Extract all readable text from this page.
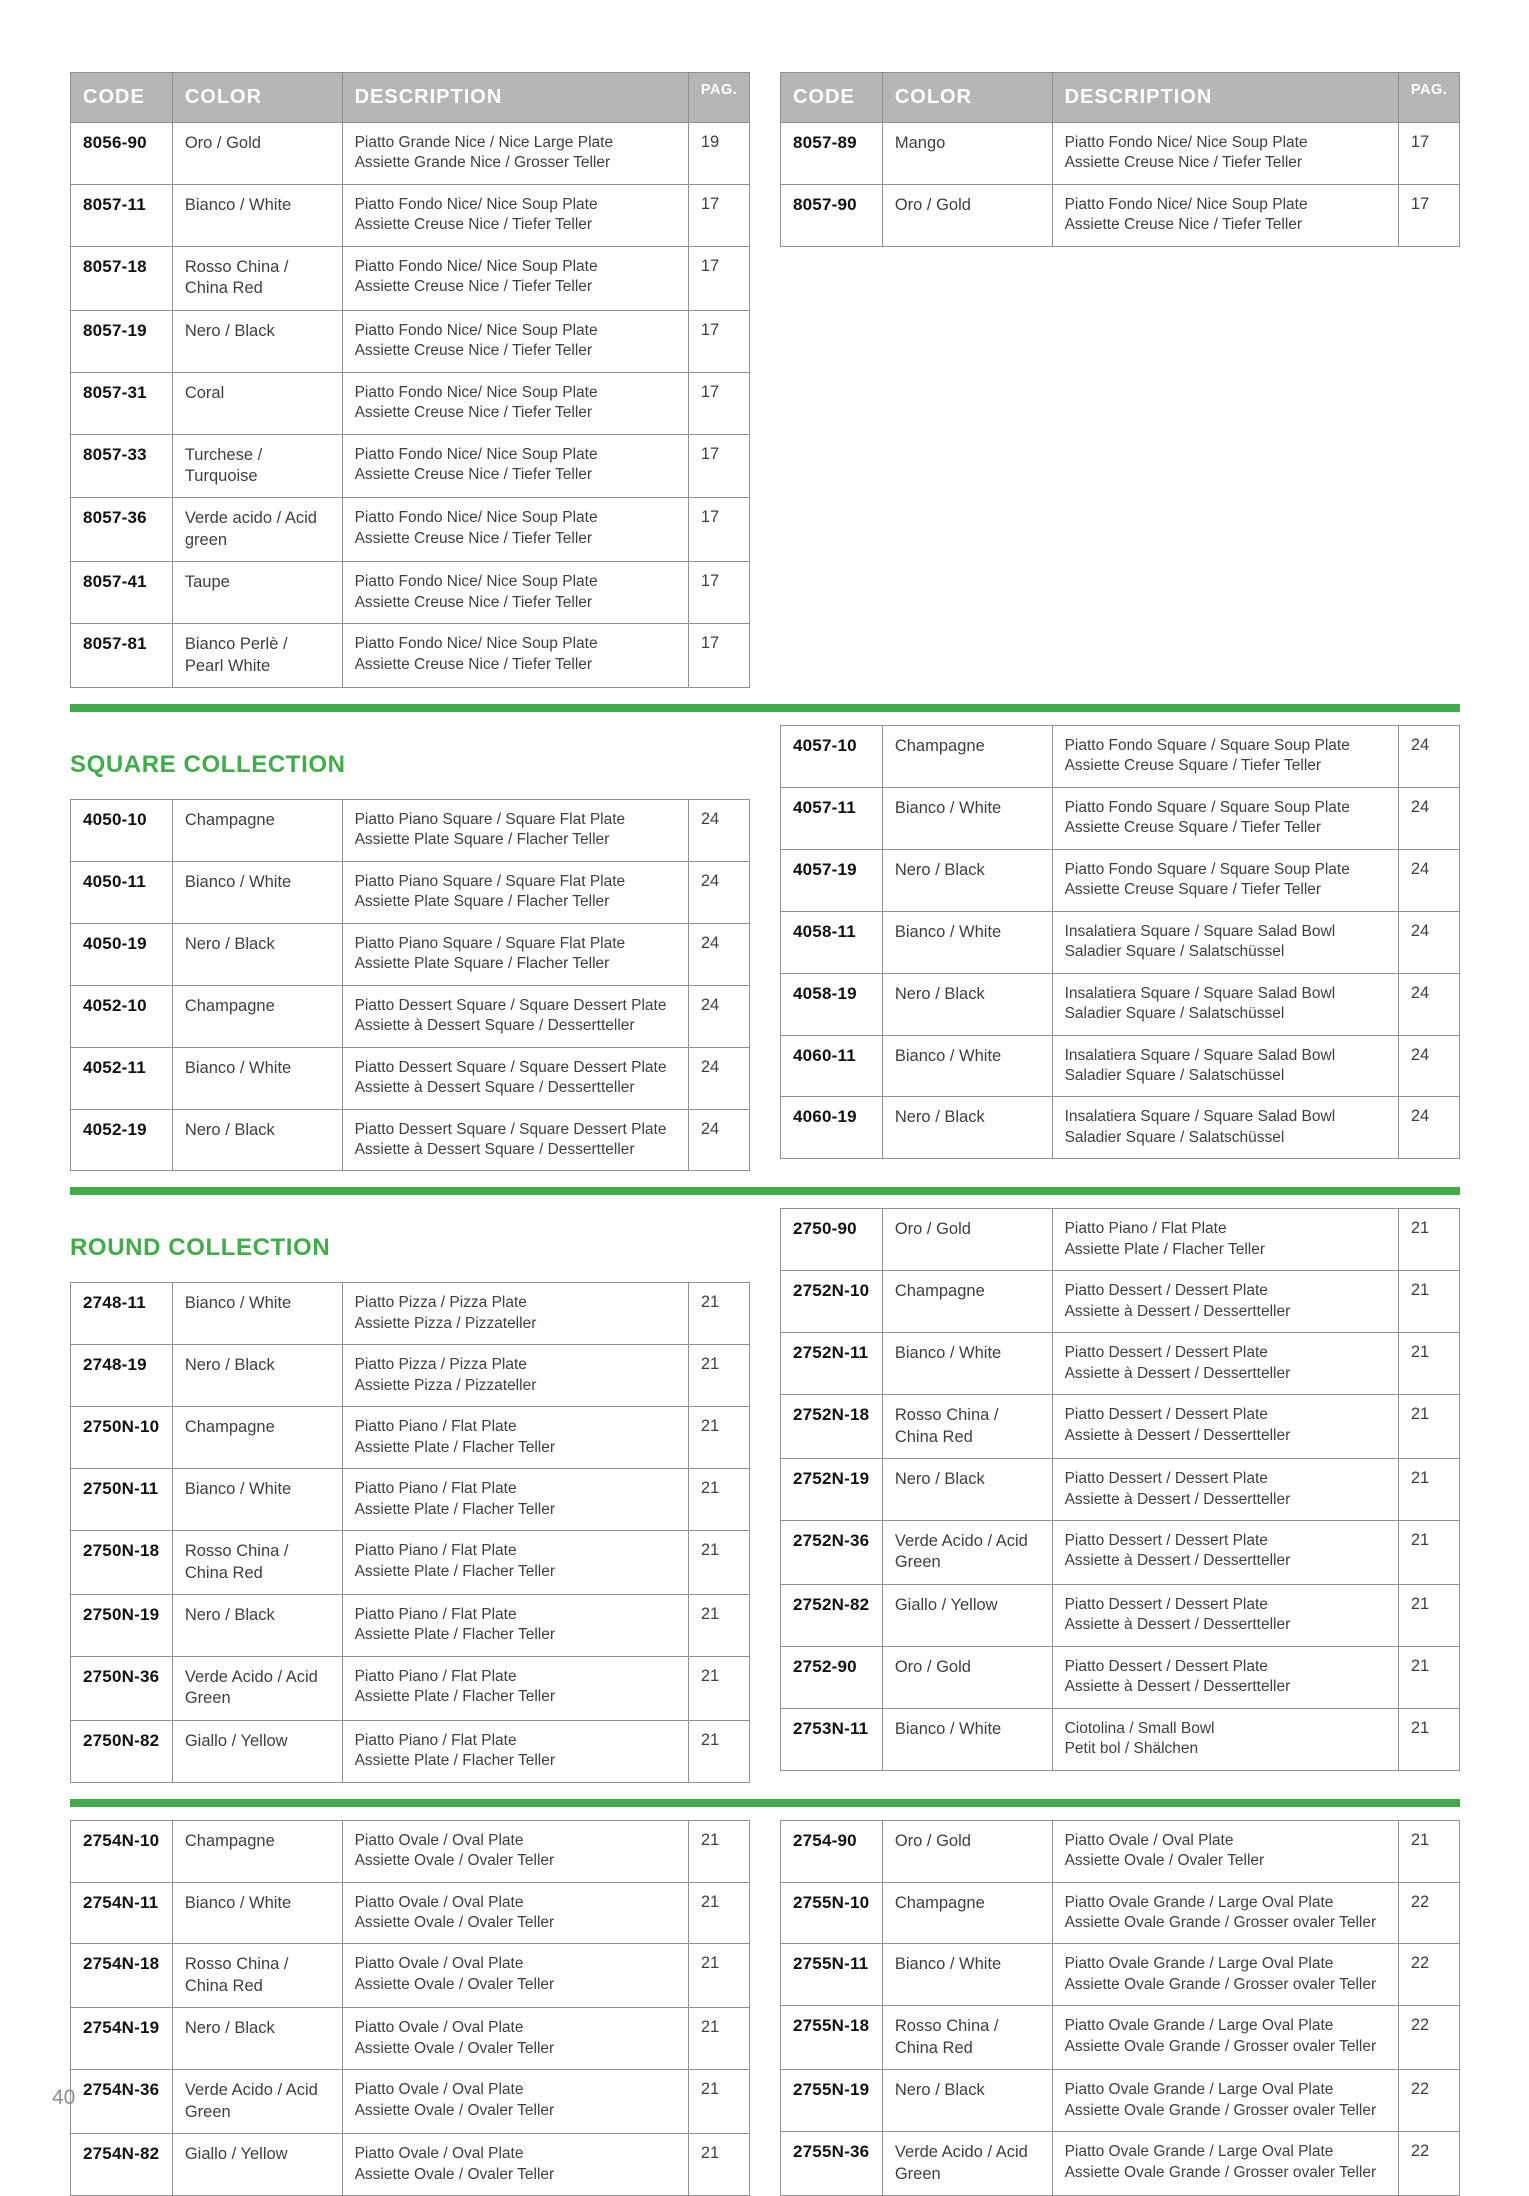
CODE	COLOR	DESCRIPTION	PAG.
8056-90	Oro / Gold	Piatto Grande Nice / Nice Large Plate
Assiette Grande Nice / Grosser Teller	19
8057-11	Bianco / White	Piatto Fondo Nice/ Nice Soup Plate
Assiette Creuse Nice / Tiefer Teller	17
8057-18	Rosso China / China Red	Piatto Fondo Nice/ Nice Soup Plate
Assiette Creuse Nice / Tiefer Teller	17
8057-19	Nero / Black	Piatto Fondo Nice/ Nice Soup Plate
Assiette Creuse Nice / Tiefer Teller	17
8057-31	Coral	Piatto Fondo Nice/ Nice Soup Plate
Assiette Creuse Nice / Tiefer Teller	17
8057-33	Turchese / Turquoise	Piatto Fondo Nice/ Nice Soup Plate
Assiette Creuse Nice / Tiefer Teller	17
8057-36	Verde acido / Acid green	Piatto Fondo Nice/ Nice Soup Plate
Assiette Creuse Nice / Tiefer Teller	17
8057-41	Taupe	Piatto Fondo Nice/ Nice Soup Plate
Assiette Creuse Nice / Tiefer Teller	17
8057-81	Bianco Perlè / Pearl White	Piatto Fondo Nice/ Nice Soup Plate
Assiette Creuse Nice / Tiefer Teller	17
CODE	COLOR	DESCRIPTION	PAG.
8057-89	Mango	Piatto Fondo Nice/ Nice Soup Plate
Assiette Creuse Nice / Tiefer Teller	17
8057-90	Oro / Gold	Piatto Fondo Nice/ Nice Soup Plate
Assiette Creuse Nice / Tiefer Teller	17
SQUARE COLLECTION
4050-10	Champagne	Piatto Piano Square / Square Flat Plate
Assiette Plate Square / Flacher Teller	24
4050-11	Bianco / White	Piatto Piano Square / Square Flat Plate
Assiette Plate Square / Flacher Teller	24
4050-19	Nero / Black	Piatto Piano Square / Square Flat Plate
Assiette Plate Square / Flacher Teller	24
4052-10	Champagne	Piatto Dessert Square / Square Dessert Plate
Assiette à Dessert Square / Dessertteller	24
4052-11	Bianco / White	Piatto Dessert Square / Square Dessert Plate
Assiette à Dessert Square / Dessertteller	24
4052-19	Nero / Black	Piatto Dessert Square / Square Dessert Plate
Assiette à Dessert Square / Dessertteller	24
4057-10	Champagne	Piatto Fondo Square / Square Soup Plate
Assiette Creuse Square / Tiefer Teller	24
4057-11	Bianco / White	Piatto Fondo Square / Square Soup Plate
Assiette Creuse Square / Tiefer Teller	24
4057-19	Nero / Black	Piatto Fondo Square / Square Soup Plate
Assiette Creuse Square / Tiefer Teller	24
4058-11	Bianco / White	Insalatiera Square / Square Salad Bowl
Saladier Square / Salatschüssel	24
4058-19	Nero / Black	Insalatiera Square / Square Salad Bowl
Saladier Square / Salatschüssel	24
4060-11	Bianco / White	Insalatiera Square / Square Salad Bowl
Saladier Square / Salatschüssel	24
4060-19	Nero / Black	Insalatiera Square / Square Salad Bowl
Saladier Square / Salatschüssel	24
ROUND COLLECTION
2748-11	Bianco / White	Piatto Pizza / Pizza Plate
Assiette Pizza / Pizzateller	21
2748-19	Nero / Black	Piatto Pizza / Pizza Plate
Assiette Pizza / Pizzateller	21
2750N-10	Champagne	Piatto Piano / Flat Plate
Assiette Plate / Flacher Teller	21
2750N-11	Bianco / White	Piatto Piano / Flat Plate
Assiette Plate / Flacher Teller	21
2750N-18	Rosso China / China Red	Piatto Piano / Flat Plate
Assiette Plate / Flacher Teller	21
2750N-19	Nero / Black	Piatto Piano / Flat Plate
Assiette Plate / Flacher Teller	21
2750N-36	Verde Acido / Acid Green	Piatto Piano / Flat Plate
Assiette Plate / Flacher Teller	21
2750N-82	Giallo / Yellow	Piatto Piano / Flat Plate
Assiette Plate / Flacher Teller	21
2750-90	Oro / Gold	Piatto Piano / Flat Plate
Assiette Plate / Flacher Teller	21
2752N-10	Champagne	Piatto Dessert / Dessert Plate
Assiette à Dessert / Dessertteller	21
2752N-11	Bianco / White	Piatto Dessert / Dessert Plate
Assiette à Dessert / Dessertteller	21
2752N-18	Rosso China / China Red	Piatto Dessert / Dessert Plate
Assiette à Dessert / Dessertteller	21
2752N-19	Nero / Black	Piatto Dessert / Dessert Plate
Assiette à Dessert / Dessertteller	21
2752N-36	Verde Acido / Acid Green	Piatto Dessert / Dessert Plate
Assiette à Dessert / Dessertteller	21
2752N-82	Giallo / Yellow	Piatto Dessert / Dessert Plate
Assiette à Dessert / Dessertteller	21
2752-90	Oro / Gold	Piatto Dessert / Dessert Plate
Assiette à Dessert / Dessertteller	21
2753N-11	Bianco / White	Ciotolina / Small Bowl
Petit bol / Shälchen	21
2754N-10	Champagne	Piatto Ovale / Oval Plate
Assiette Ovale / Ovaler Teller	21
2754N-11	Bianco / White	Piatto Ovale / Oval Plate
Assiette Ovale / Ovaler Teller	21
2754N-18	Rosso China / China Red	Piatto Ovale / Oval Plate
Assiette Ovale / Ovaler Teller	21
2754N-19	Nero / Black	Piatto Ovale / Oval Plate
Assiette Ovale / Ovaler Teller	21
2754N-36	Verde Acido / Acid Green	Piatto Ovale / Oval Plate
Assiette Ovale / Ovaler Teller	21
2754N-82	Giallo / Yellow	Piatto Ovale / Oval Plate
Assiette Ovale / Ovaler Teller	21
2754-90	Oro / Gold	Piatto Ovale / Oval Plate
Assiette Ovale / Ovaler Teller	21
2755N-10	Champagne	Piatto Ovale Grande / Large Oval Plate
Assiette Ovale Grande / Grosser ovaler Teller	22
2755N-11	Bianco / White	Piatto Ovale Grande / Large Oval Plate
Assiette Ovale Grande / Grosser ovaler Teller	22
2755N-18	Rosso China / China Red	Piatto Ovale Grande / Large Oval Plate
Assiette Ovale Grande / Grosser ovaler Teller	22
2755N-19	Nero / Black	Piatto Ovale Grande / Large Oval Plate
Assiette Ovale Grande / Grosser ovaler Teller	22
2755N-36	Verde Acido / Acid Green	Piatto Ovale Grande / Large Oval Plate
Assiette Ovale Grande / Grosser ovaler Teller	22
40
